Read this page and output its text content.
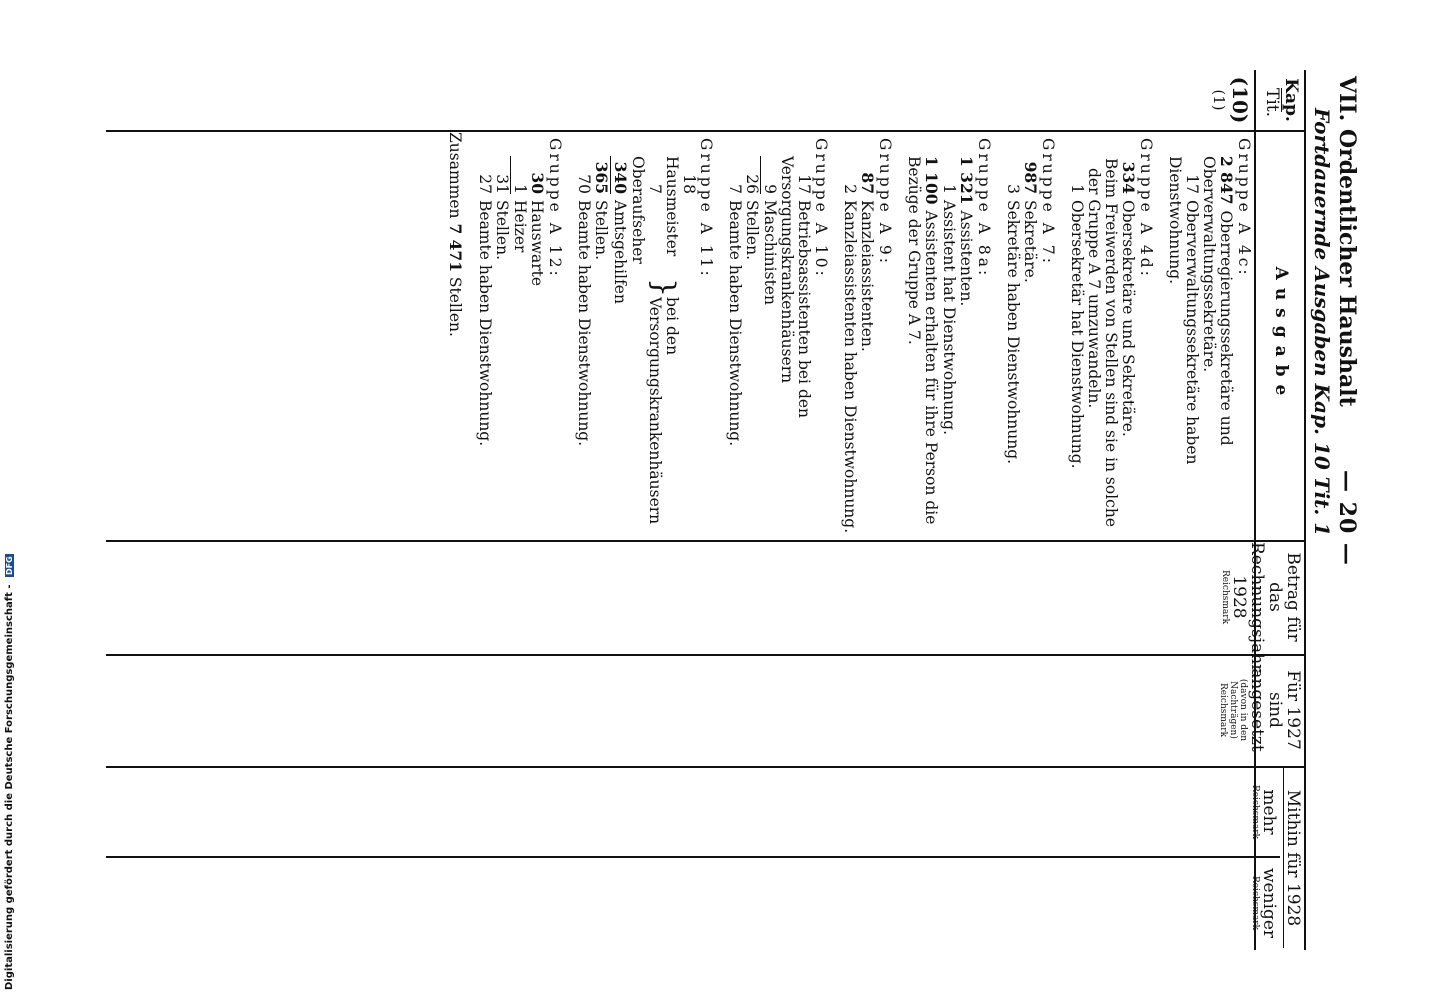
VII. Ordentlicher Haushalt
Fortdauernde Ausgaben Kap. 10 Tit. 1 — 20 —
Kap.
Tit.
Ausgabe
Betrag für das Rechnungsjahr 1928
Reichsmark
Für 1927 sind angesetzt
(davon in den Nachträgen)
Reichsmark
Mithin für 1928
mehr
Reichsmark
weniger
Reichsmark
(10)
(1)
Gruppe A 4c:
2 847Oberregierungssekretäre und Oberverwaltungssekretäre.
17Oberverwaltungssekretäre haben Dienstwohnung.
Gruppe A 4d:
334Obersekretäre und Sekretäre.
Beim Freiwerden von Stellen sind sie in solche der Gruppe A 7 umzuwandeln.
1Obersekretär hat Dienstwohnung.
Gruppe A 7:
987Sekretäre.
3Sekretäre haben Dienstwohnung.
Gruppe A 8a:
1 321Assistenten.
1Assistent hat Dienstwohnung.
1 100Assistenten erhalten für ihre Person die Bezüge der Gruppe A 7.
Gruppe A 9:
87Kanzleiassistenten.
2Kanzleiassistenten haben Dienstwohnung.
Gruppe A 10:
17Betriebsassistenten bei den Versorgungskrankenhäusern
9Maschinisten
26Stellen.
7Beamte haben Dienstwohnung.
Gruppe A 11:
18Hausmeister
7Oberaufseher
}
bei den Versorgungskrankenhäusern
340Amtsgehilfen
365Stellen.
70Beamte haben Dienstwohnung.
Gruppe A 12:
30Hauswarte
1Heizer
31Stellen.
27Beamte haben Dienstwohnung.
Zusammen 7 471 Stellen.
Digitalisierung gefördert durch die Deutsche Forschungsgemeinschaft - DFG
